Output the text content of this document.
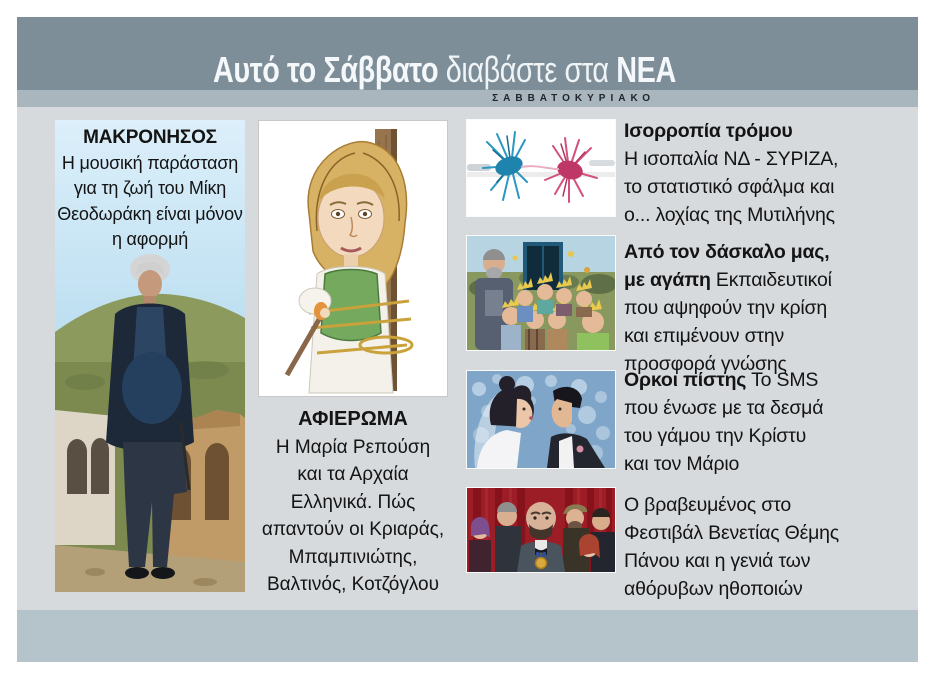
Αυτό το Σάββατο διαβάστε στα ΝΕΑ
ΣΑΒΒΑΤΟΚΥΡΙΑΚΟ
ΜΑΚΡΟΝΗΣΟΣ
Η μουσική παράσταση
για τη ζωή του Μίκη
Θεοδωράκη είναι μόνον
η αφορμή
ΑΦΙΕΡΩΜΑ
Η Μαρία Ρεπούση
και τα Αρχαία
Ελληνικά. Πώς
απαντούν οι Κριαράς,
Μπαμπινιώτης,
Βαλτινός, Κοτζόγλου
Ισορροπία τρόμου
Η ισοπαλία ΝΔ - ΣΥΡΙΖΑ,
το στατιστικό σφάλμα και
ο... λοχίας της Μυτιλήνης
Από τον δάσκαλο μας,
με αγάπη Εκπαιδευτικοί
που αψηφούν την κρίση
και επιμένουν στην
προσφορά γνώσης
Ορκοι πίστης Το SMS
που ένωσε με τα δεσμά
του γάμου την Κρίστυ
και τον Μάριο
Ο βραβευμένος στο
Φεστιβάλ Βενετίας Θέμης
Πάνου και η γενιά των
αθόρυβων ηθοποιών
